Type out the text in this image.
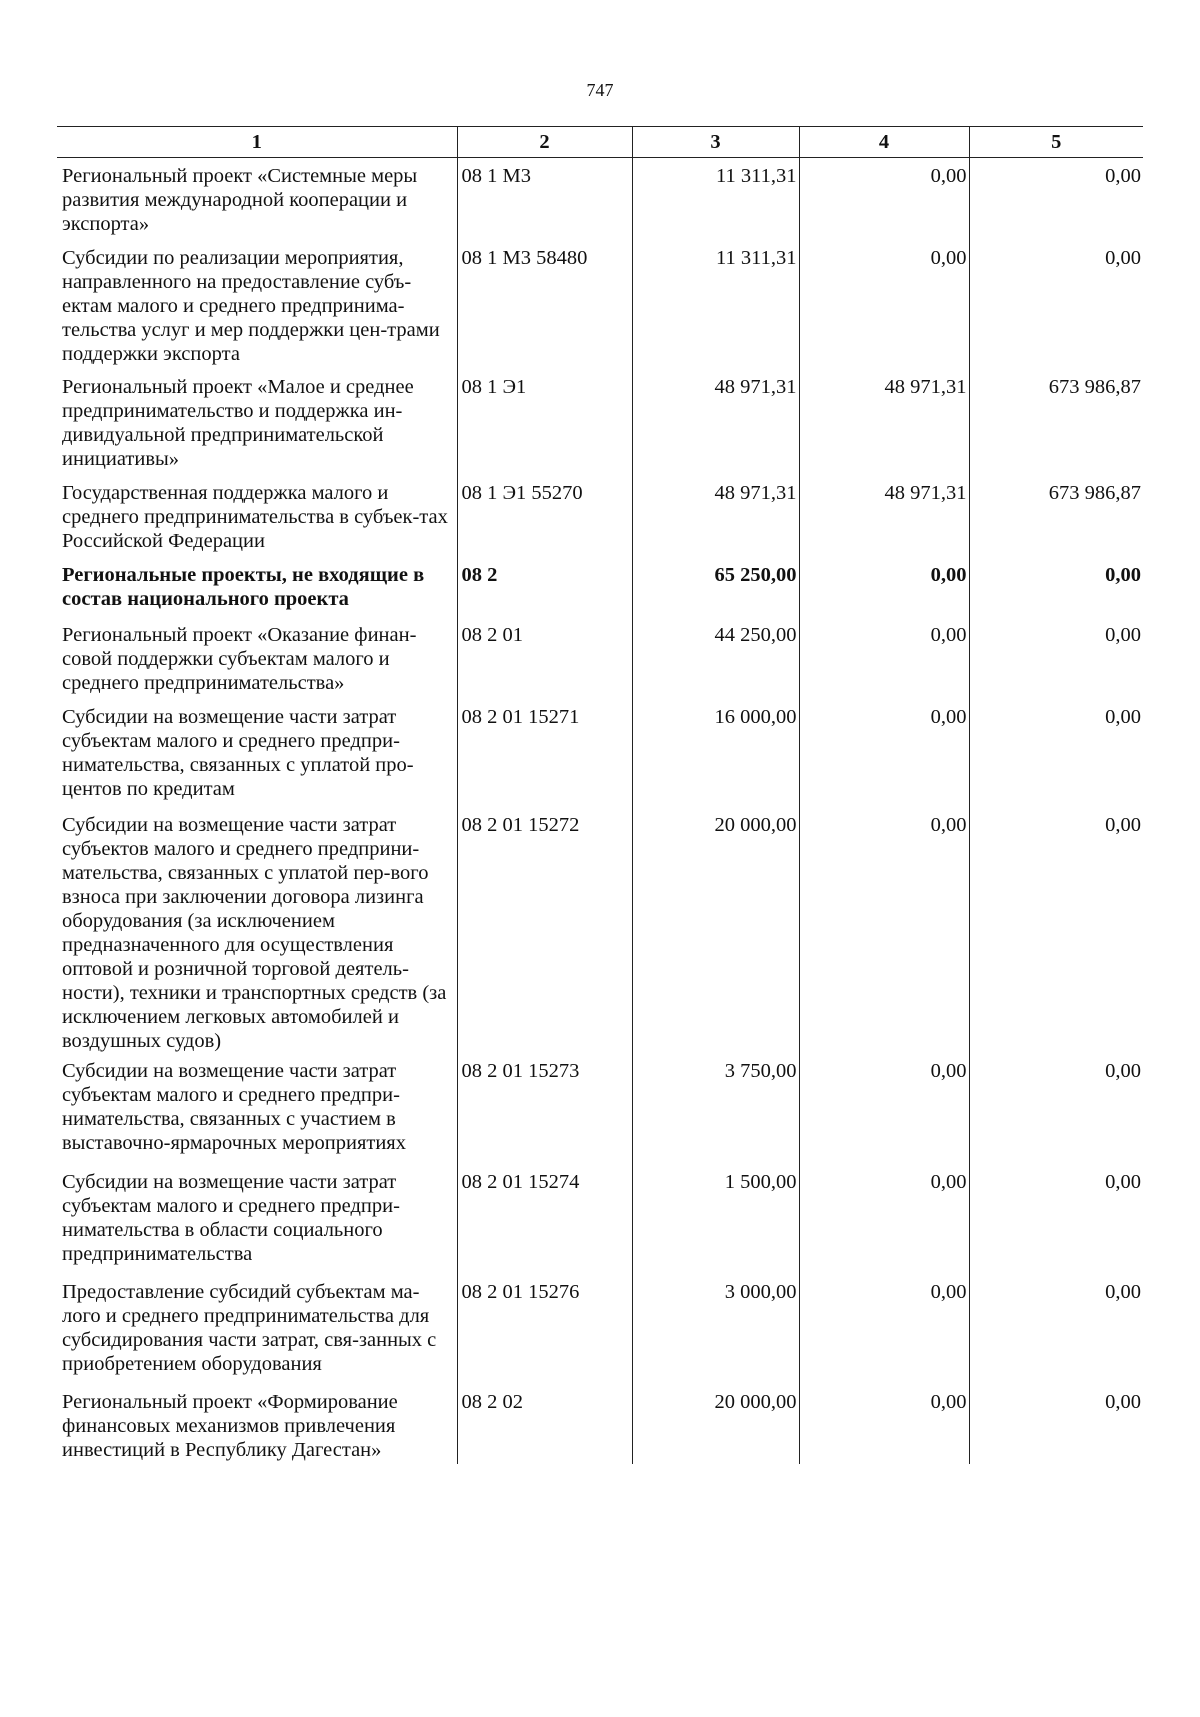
747
1	2	3	4	5
Региональный проект «Системные меры развития международной кооперации и экспорта»	08 1 М3	11 311,31	0,00	0,00
Субсидии по реализации мероприятия, направленного на предоставление субъ-ектам малого и среднего предпринима-тельства услуг и мер поддержки цен-трами поддержки экспорта	08 1 М3 58480	11 311,31	0,00	0,00
Региональный проект «Малое и среднее предпринимательство и поддержка ин-дивидуальной предпринимательской инициативы»	08 1 Э1	48 971,31	48 971,31	673 986,87
Государственная поддержка малого и среднего предпринимательства в субъек-тах Российской Федерации	08 1 Э1 55270	48 971,31	48 971,31	673 986,87
Региональные проекты, не входящие в состав национального проекта	08 2	65 250,00	0,00	0,00
Региональный проект «Оказание финан-совой поддержки субъектам малого и среднего предпринимательства»	08 2 01	44 250,00	0,00	0,00
Субсидии на возмещение части затрат субъектам малого и среднего предпри-нимательства, связанных с уплатой про-центов по кредитам	08 2 01 15271	16 000,00	0,00	0,00
Субсидии на возмещение части затрат субъектов малого и среднего предприни-мательства, связанных с уплатой пер-вого взноса при заключении договора лизинга оборудования (за исключением предназначенного для осуществления оптовой и розничной торговой деятель-ности), техники и транспортных средств (за исключением легковых автомобилей и воздушных судов)	08 2 01 15272	20 000,00	0,00	0,00
Субсидии на возмещение части затрат субъектам малого и среднего предпри-нимательства, связанных с участием в выставочно-ярмарочных мероприятиях	08 2 01 15273	3 750,00	0,00	0,00
Субсидии на возмещение части затрат субъектам малого и среднего предпри-нимательства в области социального предпринимательства	08 2 01 15274	1 500,00	0,00	0,00
Предоставление субсидий субъектам ма-лого и среднего предпринимательства для субсидирования части затрат, свя-занных с приобретением оборудования	08 2 01 15276	3 000,00	0,00	0,00
Региональный проект «Формирование финансовых механизмов привлечения инвестиций в Республику Дагестан»	08 2 02	20 000,00	0,00	0,00
